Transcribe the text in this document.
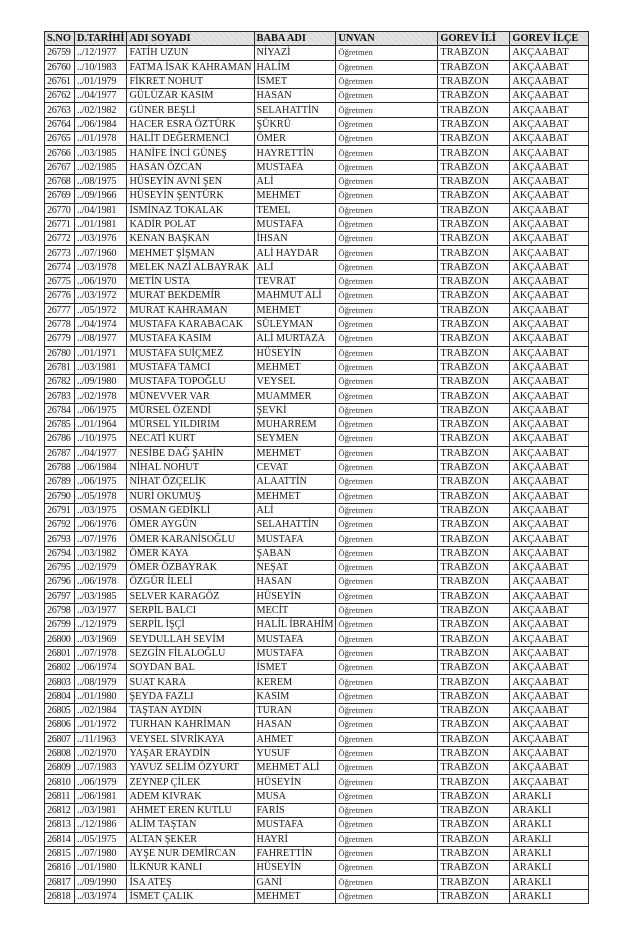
S.NO	D.TARİHİ	ADI SOYADI	BABA ADI	UNVAN	GOREV İLİ	GOREV İLÇE
26759	../12/1977	FATİH UZUN	NİYAZİ	Öğretmen	TRABZON	AKÇAABAT
26760	../10/1983	FATMA İSAK KAHRAMAN	HALİM	Öğretmen	TRABZON	AKÇAABAT
26761	../01/1979	FİKRET NOHUT	İSMET	Öğretmen	TRABZON	AKÇAABAT
26762	../04/1977	GÜLÜZAR KASIM	HASAN	Öğretmen	TRABZON	AKÇAABAT
26763	../02/1982	GÜNER BEŞLİ	SELAHATTİN	Öğretmen	TRABZON	AKÇAABAT
26764	../06/1984	HACER ESRA ÖZTÜRK	ŞÜKRÜ	Öğretmen	TRABZON	AKÇAABAT
26765	../01/1978	HALİT DEĞERMENCİ	ÖMER	Öğretmen	TRABZON	AKÇAABAT
26766	../03/1985	HANİFE İNCİ GÜNEŞ	HAYRETTİN	Öğretmen	TRABZON	AKÇAABAT
26767	../02/1985	HASAN ÖZCAN	MUSTAFA	Öğretmen	TRABZON	AKÇAABAT
26768	../08/1975	HÜSEYİN AVNİ ŞEN	ALİ	Öğretmen	TRABZON	AKÇAABAT
26769	../09/1966	HÜSEYİN ŞENTÜRK	MEHMET	Öğretmen	TRABZON	AKÇAABAT
26770	../04/1981	İSMİNAZ TOKALAK	TEMEL	Öğretmen	TRABZON	AKÇAABAT
26771	../01/1981	KADİR POLAT	MUSTAFA	Öğretmen	TRABZON	AKÇAABAT
26772	../03/1976	KENAN BAŞKAN	İHSAN	Öğretmen	TRABZON	AKÇAABAT
26773	../07/1960	MEHMET ŞİŞMAN	ALİ HAYDAR	Öğretmen	TRABZON	AKÇAABAT
26774	../03/1978	MELEK NAZİ ALBAYRAK	ALİ	Öğretmen	TRABZON	AKÇAABAT
26775	../06/1970	METİN USTA	TEVRAT	Öğretmen	TRABZON	AKÇAABAT
26776	../03/1972	MURAT BEKDEMİR	MAHMUT ALİ	Öğretmen	TRABZON	AKÇAABAT
26777	../05/1972	MURAT KAHRAMAN	MEHMET	Öğretmen	TRABZON	AKÇAABAT
26778	../04/1974	MUSTAFA KARABACAK	SÜLEYMAN	Öğretmen	TRABZON	AKÇAABAT
26779	../08/1977	MUSTAFA KASIM	ALİ MURTAZA	Öğretmen	TRABZON	AKÇAABAT
26780	../01/1971	MUSTAFA SUİÇMEZ	HÜSEYİN	Öğretmen	TRABZON	AKÇAABAT
26781	../03/1981	MUSTAFA TAMCI	MEHMET	Öğretmen	TRABZON	AKÇAABAT
26782	../09/1980	MUSTAFA TOPOĞLU	VEYSEL	Öğretmen	TRABZON	AKÇAABAT
26783	../02/1978	MÜNEVVER VAR	MUAMMER	Öğretmen	TRABZON	AKÇAABAT
26784	../06/1975	MÜRSEL ÖZENDİ	ŞEVKİ	Öğretmen	TRABZON	AKÇAABAT
26785	../01/1964	MÜRSEL YILDIRIM	MUHARREM	Öğretmen	TRABZON	AKÇAABAT
26786	../10/1975	NECATİ KURT	SEYMEN	Öğretmen	TRABZON	AKÇAABAT
26787	../04/1977	NESİBE DAĞ ŞAHİN	MEHMET	Öğretmen	TRABZON	AKÇAABAT
26788	../06/1984	NİHAL NOHUT	CEVAT	Öğretmen	TRABZON	AKÇAABAT
26789	../06/1975	NİHAT ÖZÇELİK	ALAATTİN	Öğretmen	TRABZON	AKÇAABAT
26790	../05/1978	NURİ OKUMUŞ	MEHMET	Öğretmen	TRABZON	AKÇAABAT
26791	../03/1975	OSMAN GEDİKLİ	ALİ	Öğretmen	TRABZON	AKÇAABAT
26792	../06/1976	ÖMER AYGÜN	SELAHATTİN	Öğretmen	TRABZON	AKÇAABAT
26793	../07/1976	ÖMER KARANİSOĞLU	MUSTAFA	Öğretmen	TRABZON	AKÇAABAT
26794	../03/1982	ÖMER KAYA	ŞABAN	Öğretmen	TRABZON	AKÇAABAT
26795	../02/1979	ÖMER ÖZBAYRAK	NEŞAT	Öğretmen	TRABZON	AKÇAABAT
26796	../06/1978	ÖZGÜR İLELİ	HASAN	Öğretmen	TRABZON	AKÇAABAT
26797	../03/1985	SELVER KARAGÖZ	HÜSEYİN	Öğretmen	TRABZON	AKÇAABAT
26798	../03/1977	SERPİL BALCI	MECİT	Öğretmen	TRABZON	AKÇAABAT
26799	../12/1979	SERPİL İŞÇİ	HALİL İBRAHİM	Öğretmen	TRABZON	AKÇAABAT
26800	../03/1969	SEYDULLAH SEVİM	MUSTAFA	Öğretmen	TRABZON	AKÇAABAT
26801	../07/1978	SEZGİN FİLALOĞLU	MUSTAFA	Öğretmen	TRABZON	AKÇAABAT
26802	../06/1974	SOYDAN BAL	İSMET	Öğretmen	TRABZON	AKÇAABAT
26803	../08/1979	SUAT KARA	KEREM	Öğretmen	TRABZON	AKÇAABAT
26804	../01/1980	ŞEYDA FAZLI	KASIM	Öğretmen	TRABZON	AKÇAABAT
26805	../02/1984	TAŞTAN AYDIN	TURAN	Öğretmen	TRABZON	AKÇAABAT
26806	../01/1972	TURHAN KAHRİMAN	HASAN	Öğretmen	TRABZON	AKÇAABAT
26807	../11/1963	VEYSEL SİVRİKAYA	AHMET	Öğretmen	TRABZON	AKÇAABAT
26808	../02/1970	YAŞAR ERAYDİN	YUSUF	Öğretmen	TRABZON	AKÇAABAT
26809	../07/1983	YAVUZ SELİM ÖZYURT	MEHMET ALİ	Öğretmen	TRABZON	AKÇAABAT
26810	../06/1979	ZEYNEP ÇİLEK	HÜSEYİN	Öğretmen	TRABZON	AKÇAABAT
26811	../06/1981	ADEM KIVRAK	MUSA	Öğretmen	TRABZON	ARAKLI
26812	../03/1981	AHMET EREN KUTLU	FARİS	Öğretmen	TRABZON	ARAKLI
26813	../12/1986	ALİM TAŞTAN	MUSTAFA	Öğretmen	TRABZON	ARAKLI
26814	../05/1975	ALTAN ŞEKER	HAYRİ	Öğretmen	TRABZON	ARAKLI
26815	../07/1980	AYŞE NUR DEMİRCAN	FAHRETTİN	Öğretmen	TRABZON	ARAKLI
26816	../01/1980	İLKNUR KANLI	HÜSEYİN	Öğretmen	TRABZON	ARAKLI
26817	../09/1990	İSA ATEŞ	GANİ	Öğretmen	TRABZON	ARAKLI
26818	../03/1974	İSMET ÇALIK	MEHMET	Öğretmen	TRABZON	ARAKLI
